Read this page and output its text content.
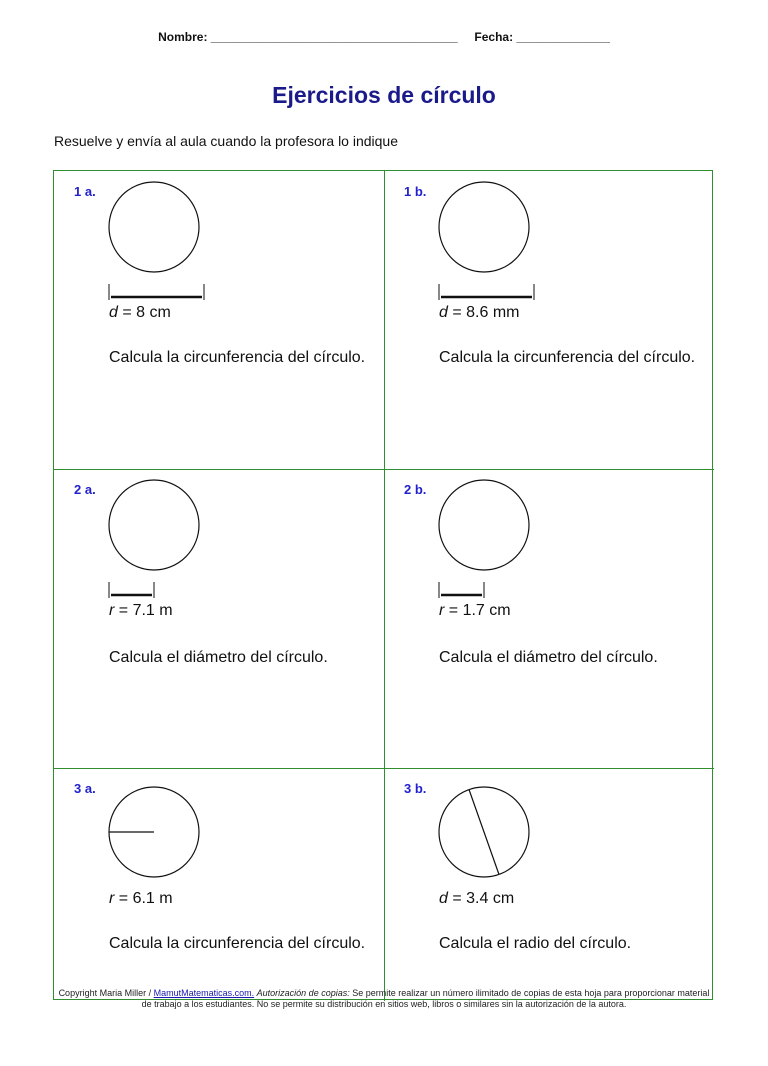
Nombre: _____________________________________ Fecha: ______________
Ejercicios de círculo
Resuelve y envía al aula cuando la profesora lo indique
1 a.
d = 8 cm
Calcula la circunferencia del círculo.
1 b.
d = 8.6 mm
Calcula la circunferencia del círculo.
2 a.
r = 7.1 m
Calcula el diámetro del círculo.
2 b.
r = 1.7 cm
Calcula el diámetro del círculo.
3 a.
r = 6.1 m
Calcula la circunferencia del círculo.
3 b.
d = 3.4 cm
Calcula el radio del círculo.
Copyright Maria Miller / MamutMatematicas.com. Autorización de copias: Se permite realizar un número ilimitado de copias de esta hoja para proporcionar material
de trabajo a los estudiantes. No se permite su distribución en sitios web, libros o similares sin la autorización de la autora.
